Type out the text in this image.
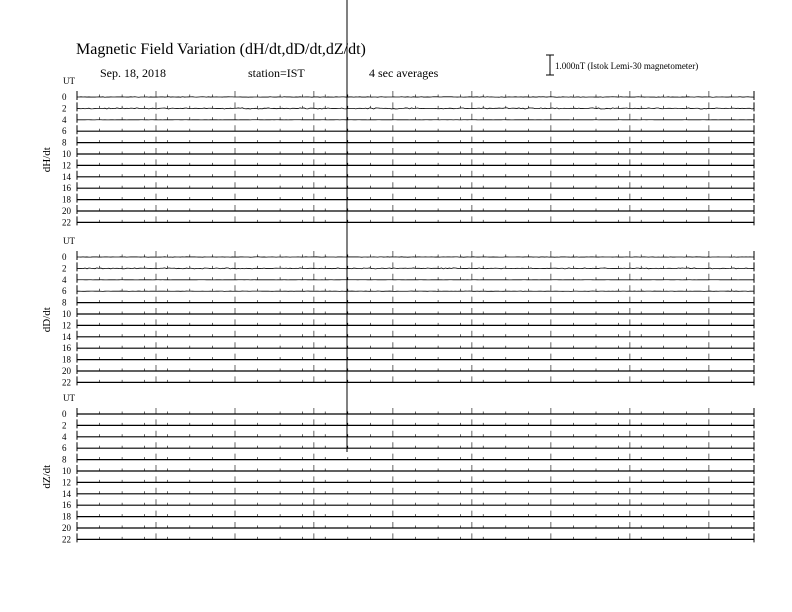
Magnetic Field Variation (dH/dt,dD/dt,dZ/dt)
Sep. 18, 2018	station=IST	4 sec averages	1.000nT (Istok Lemi-30 magnetometer)
UT
dH/dt
0
2
4
6
8
10
12
14
16
18
20
22
UT
dD/dt
0
2
4
6
8
10
12
14
16
18
20
22
UT
dZ/dt
0
2
4
6
8
10
12
14
16
18
20
22
